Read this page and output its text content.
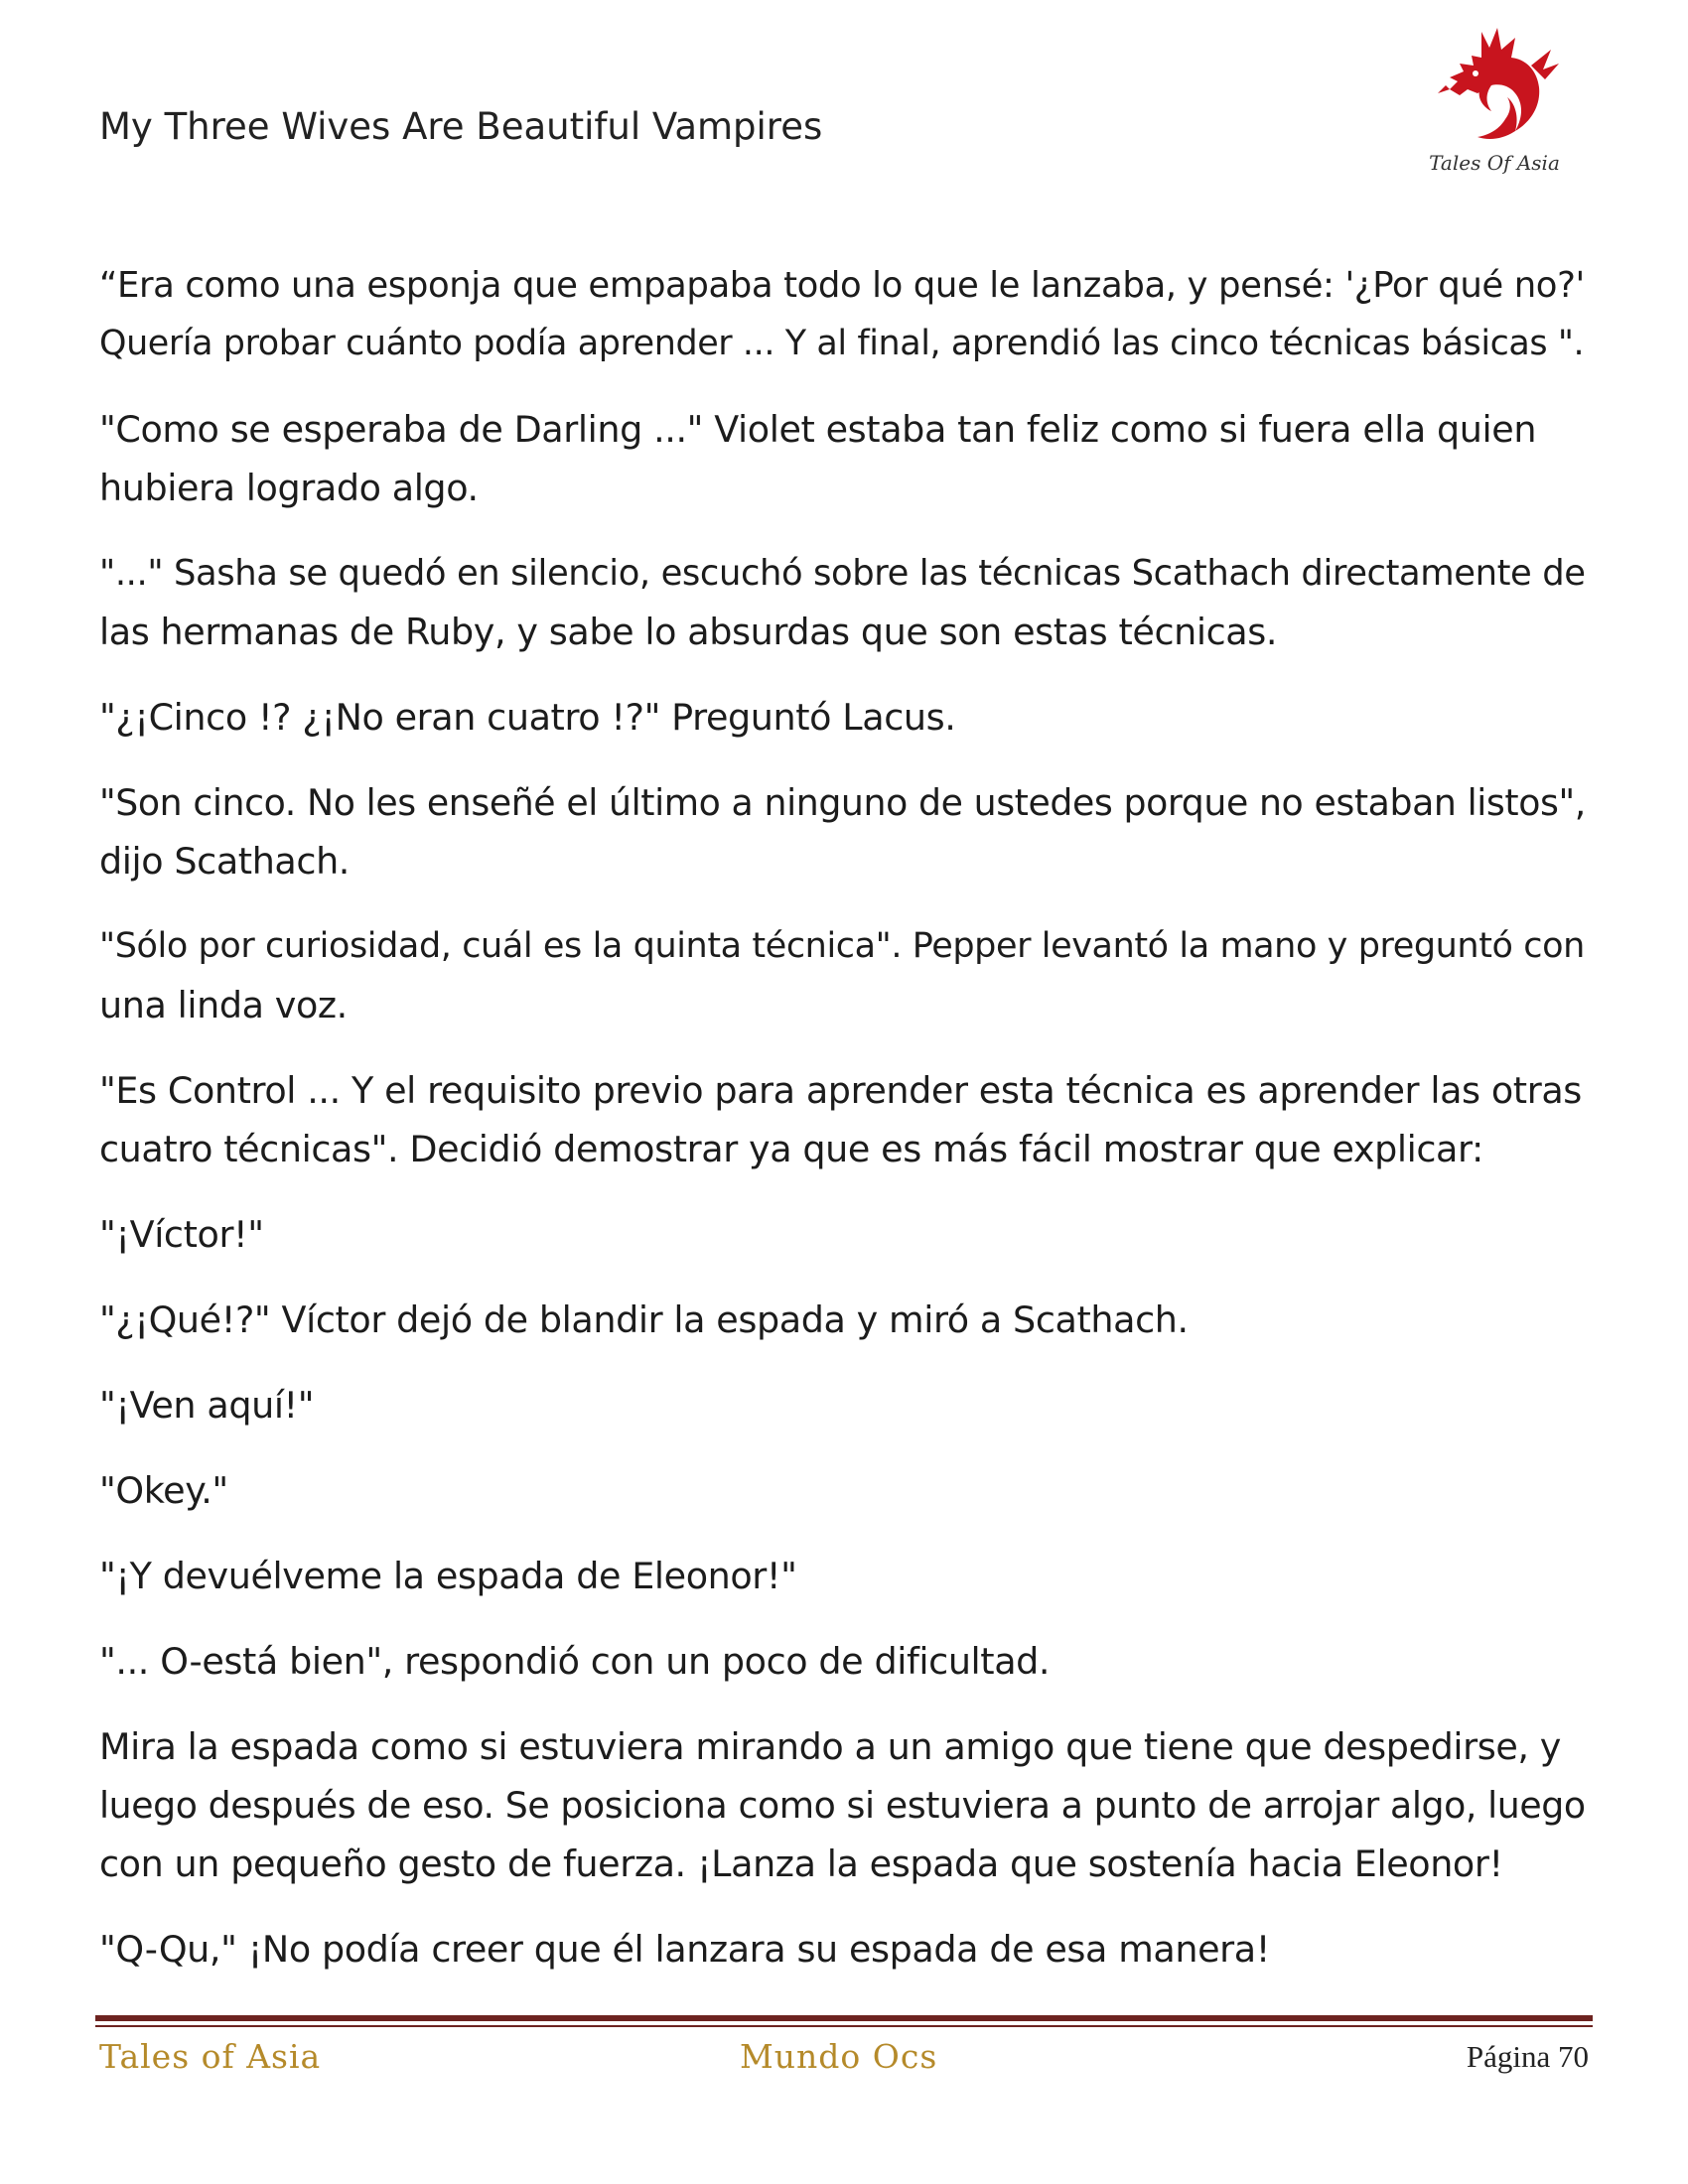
My Three Wives Are Beautiful Vampires
Tales Of Asia
“Era como una esponja que empapaba todo lo que le lanzaba, y pensé: '¿Por qué no?'
Quería probar cuánto podía aprender ... Y al final, aprendió las cinco técnicas básicas ".
"Como se esperaba de Darling ..." Violet estaba tan feliz como si fuera ella quien
hubiera logrado algo.
"..." Sasha se quedó en silencio, escuchó sobre las técnicas Scathach directamente de
las hermanas de Ruby, y sabe lo absurdas que son estas técnicas.
"¿¡Cinco !? ¿¡No eran cuatro !?" Preguntó Lacus.
"Son cinco. No les enseñé el último a ninguno de ustedes porque no estaban listos",
dijo Scathach.
"Sólo por curiosidad, cuál es la quinta técnica". Pepper levantó la mano y preguntó con
una linda voz.
"Es Control ... Y el requisito previo para aprender esta técnica es aprender las otras
cuatro técnicas". Decidió demostrar ya que es más fácil mostrar que explicar:
"¡Víctor!"
"¿¡Qué!?" Víctor dejó de blandir la espada y miró a Scathach.
"¡Ven aquí!"
"Okey."
"¡Y devuélveme la espada de Eleonor!"
"... O-está bien", respondió con un poco de dificultad.
Mira la espada como si estuviera mirando a un amigo que tiene que despedirse, y
luego después de eso. Se posiciona como si estuviera a punto de arrojar algo, luego
con un pequeño gesto de fuerza. ¡Lanza la espada que sostenía hacia Eleonor!
"Q-Qu," ¡No podía creer que él lanzara su espada de esa manera!
Tales of Asia	Mundo Ocs	Página 70
